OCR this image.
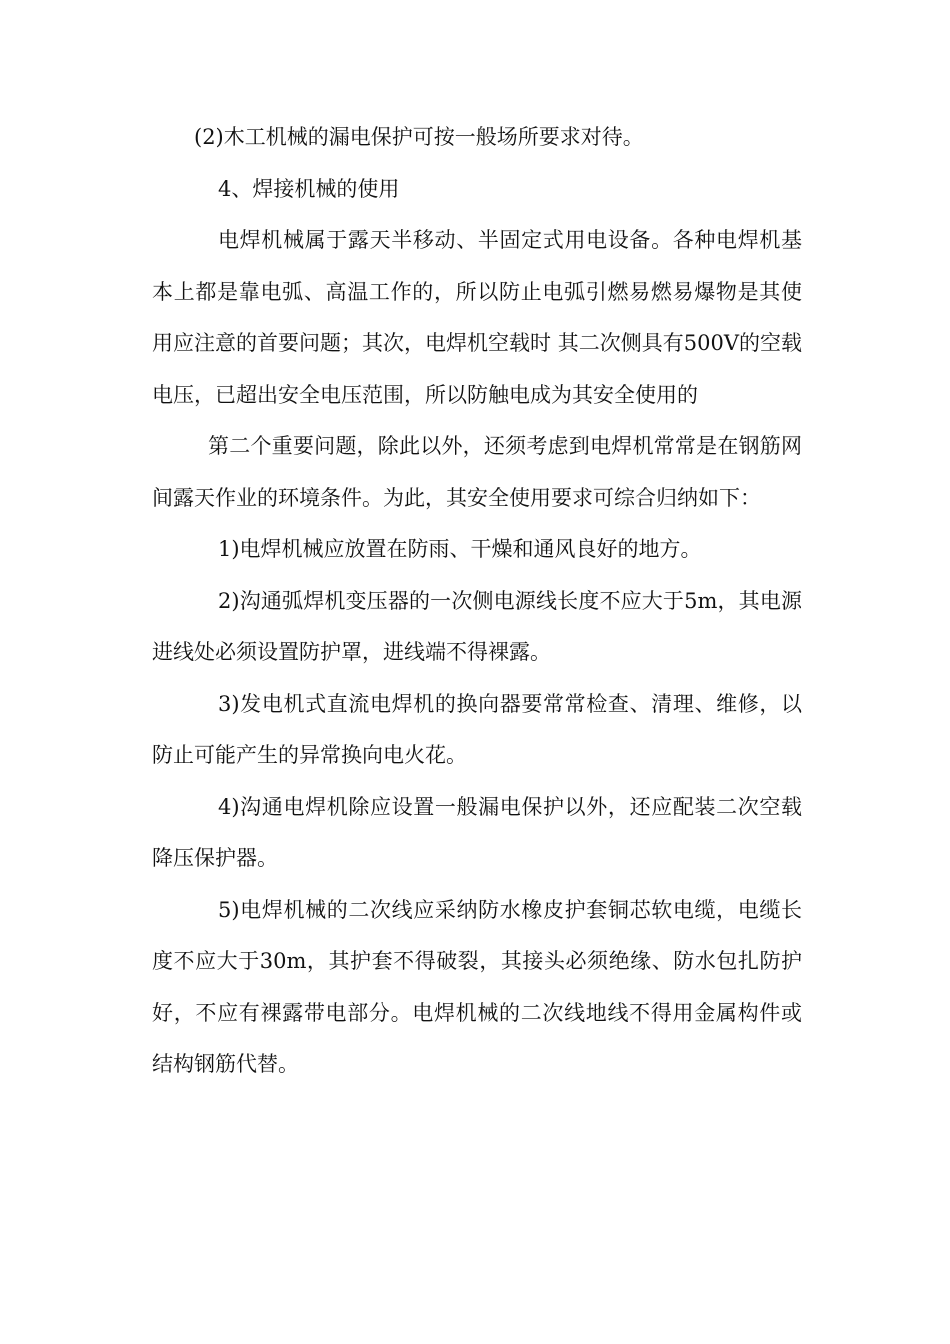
(2)木工机械的漏电保护可按一般场所要求对待。

4、焊接机械的使用

电焊机械属于露天半移动、半固定式用电设备。各种电焊机基本上都是靠电弧、高温工作的，所以防止电弧引燃易燃易爆物是其使用应注意的首要问题；其次，电焊机空载时 其二次侧具有500V的空载电压，已超出安全电压范围，所以防触电成为其安全使用的

第二个重要问题，除此以外，还须考虑到电焊机常常是在钢筋网间露天作业的环境条件。为此，其安全使用要求可综合归纳如下：

1)电焊机械应放置在防雨、干燥和通风良好的地方。

2)沟通弧焊机变压器的一次侧电源线长度不应大于5m，其电源进线处必须设置防护罩，进线端不得裸露。

3)发电机式直流电焊机的换向器要常常检查、清理、维修，以防止可能产生的异常换向电火花。

4)沟通电焊机除应设置一般漏电保护以外，还应配装二次空载降压保护器。

5)电焊机械的二次线应采纳防水橡皮护套铜芯软电缆，电缆长度不应大于30m，其护套不得破裂，其接头必须绝缘、防水包扎防护好，不应有裸露带电部分。电焊机械的二次线地线不得用金属构件或结构钢筋代替。
